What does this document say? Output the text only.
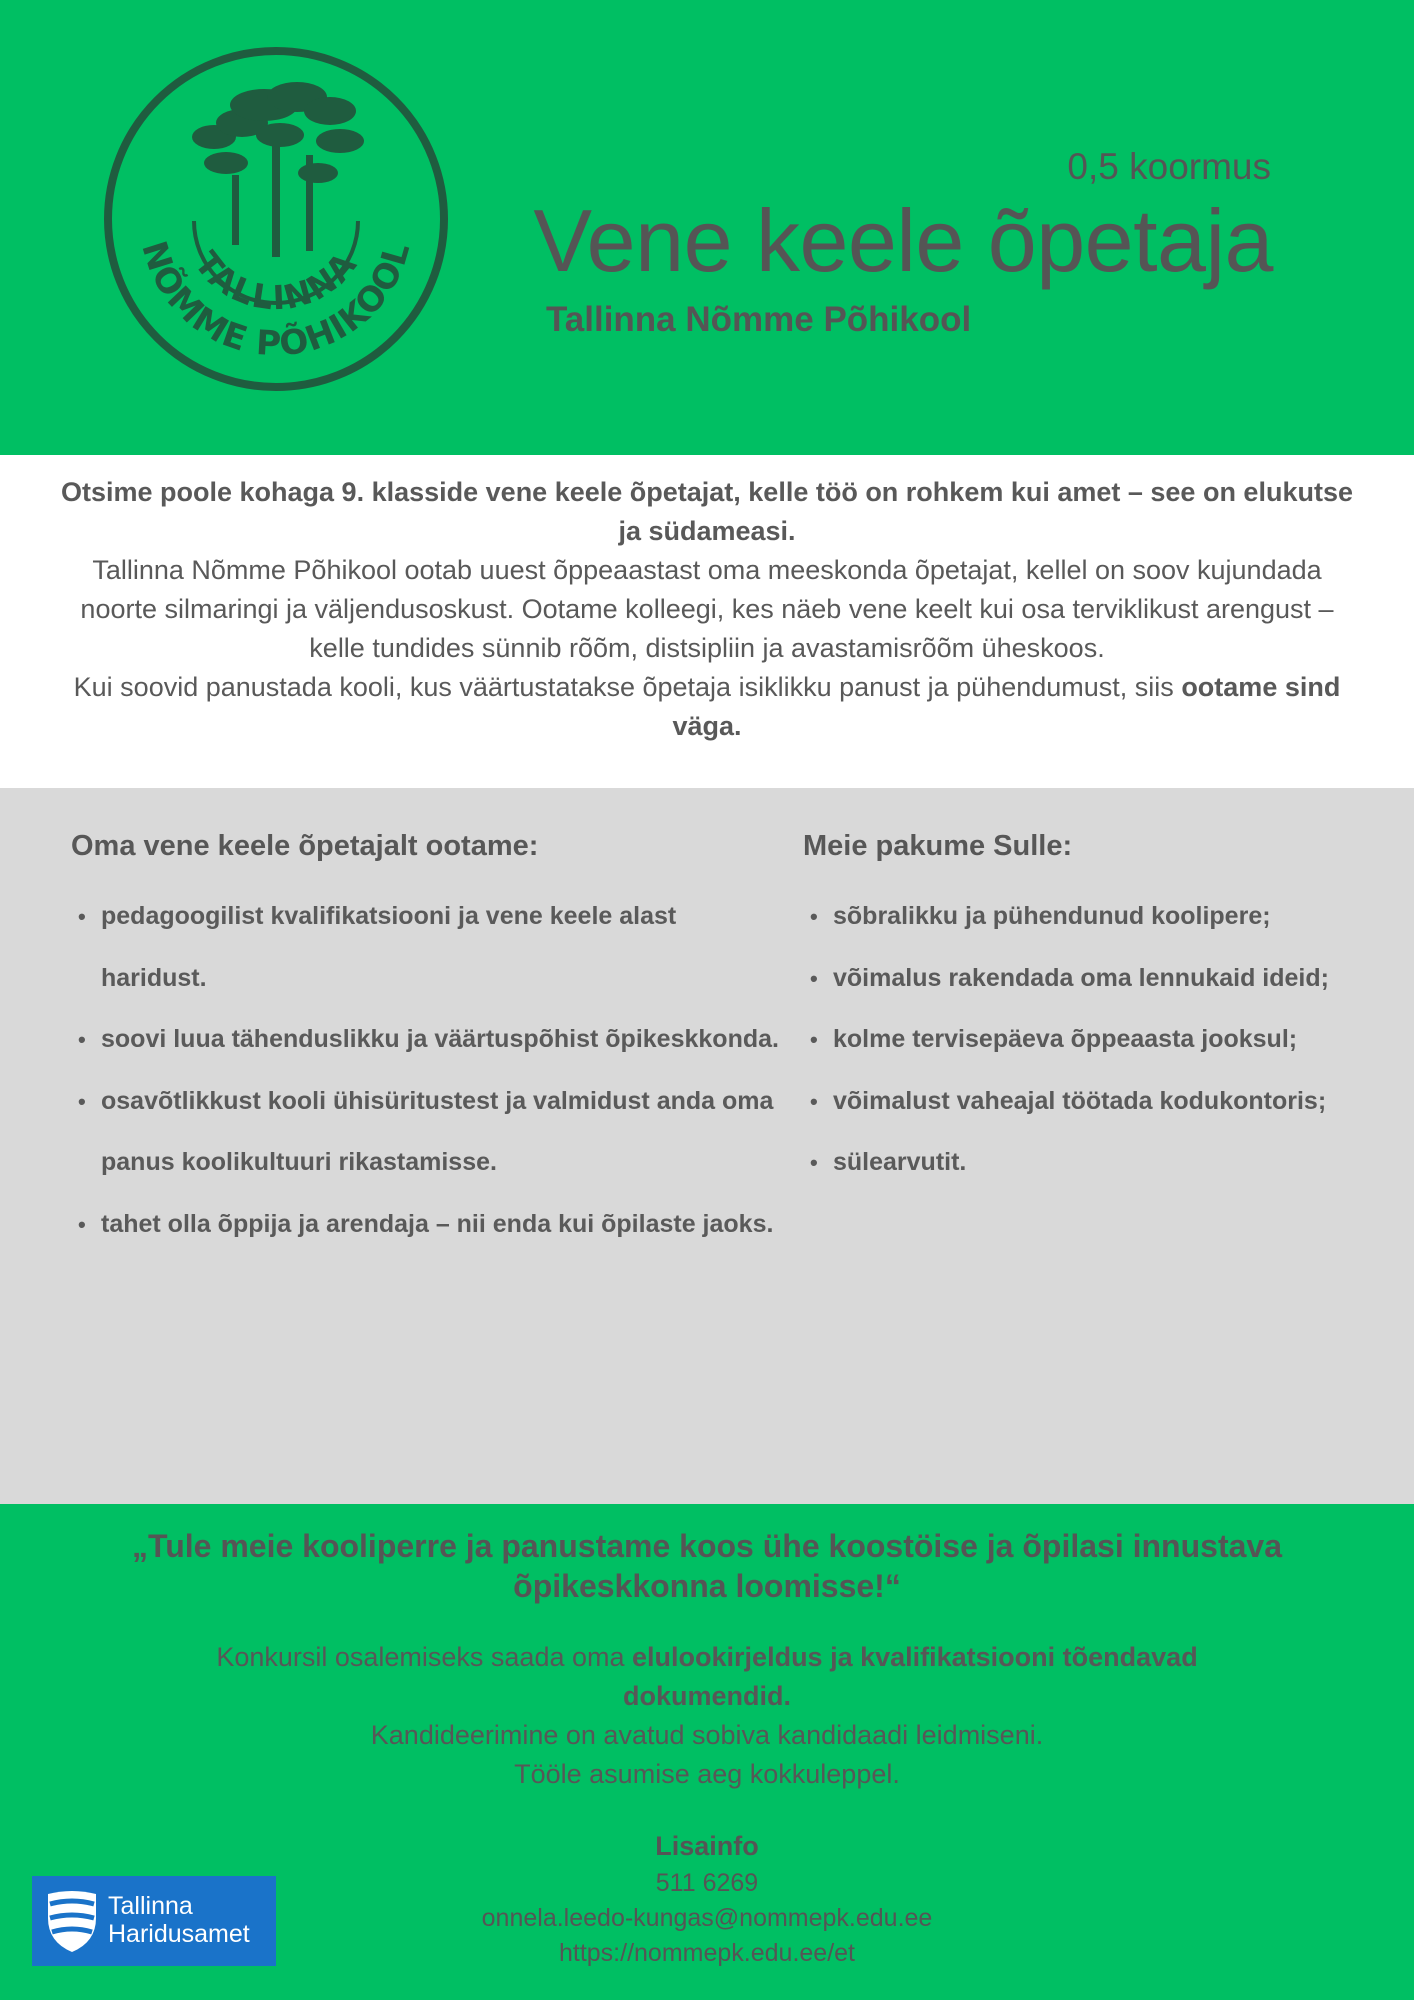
TALLINNA
NÕMME PÕHIKOOL
0,5 koormus
Vene keele õpetaja
Tallinna Nõmme Põhikool

Otsime poole kohaga 9. klasside vene keele õpetajat, kelle töö on rohkem kui amet – see on elukutse ja südameasi.

Tallinna Nõmme Põhikool ootab uuest õppeaastast oma meeskonda õpetajat, kellel on soov kujundada noorte silmaringi ja väljendusoskust. Ootame kolleegi, kes näeb vene keelt kui osa terviklikust arengust – kelle tundides sünnib rõõm, distsipliin ja avastamisrõõm üheskoos.

Kui soovid panustada kooli, kus väärtustatakse õpetaja isiklikku panust ja pühendumust, siis ootame sind väga.

Oma vene keele õpetajalt ootame:
• pedagoogilist kvalifikatsiooni ja vene keele alast haridust.
• soovi luua tähenduslikku ja väärtuspõhist õpikeskkonda.
• osavõtlikkust kooli ühisüritustest ja valmidust anda oma panus koolikultuuri rikastamisse.
• tahet olla õppija ja arendaja – nii enda kui õpilaste jaoks.
Meie pakume Sulle:
• sõbralikku ja pühendunud koolipere;
• võimalus rakendada oma lennukaid ideid;
• kolme tervisepäeva õppeaasta jooksul;
• võimalust vaheajal töötada kodukontoris;
• sülearvutit.
„Tule meie kooliperre ja panustame koos ühe koostöise ja õpilasi innustava õpikeskkonna loomisse!“

Konkursil osalemiseks saada oma elulookirjeldus ja kvalifikatsiooni tõendavad dokumendid.

Kandideerimine on avatud sobiva kandidaadi leidmiseni.

Tööle asumise aeg kokkuleppel.

Lisainfo
511 6269
onnela.leedo-kungas@nommepk.edu.ee
https://nommepk.edu.ee/et
Tallinna
Haridusamet
